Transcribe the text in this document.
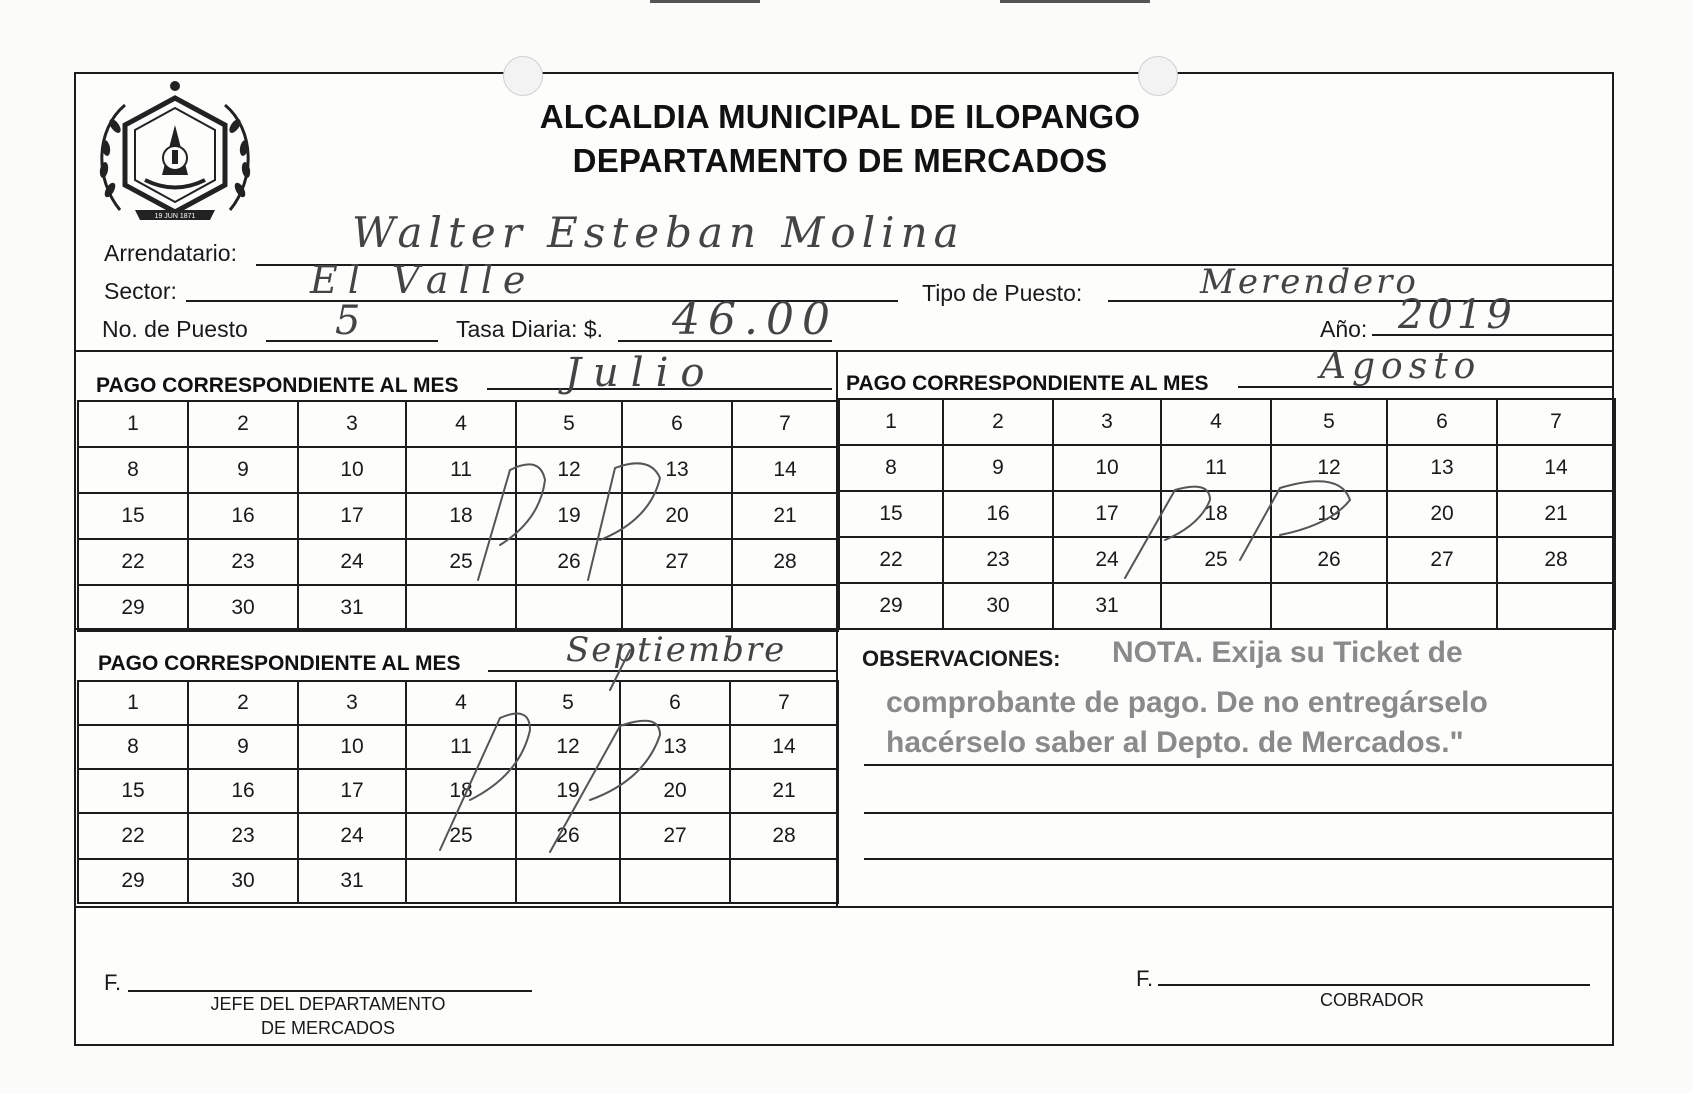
19 JUN 1871
ALCALDIA MUNICIPAL DE ILOPANGO
DEPARTAMENTO DE MERCADOS
Arrendatario:	Walter Esteban Molina
Sector:	El Valle	Tipo de Puesto:	Merendero
No. de Puesto 5	Tasa Diaria: $. 46.00	Año: 2019
PAGO CORRESPONDIENTE AL MES	Julio
1	2	3	4	5	6	7
8	9	10	11	12	13	14
15	16	17	18	19	20	21
22	23	24	25	26	27	28
29	30	31				
PAGO CORRESPONDIENTE AL MES	Agosto
1	2	3	4	5	6	7
8	9	10	11	12	13	14
15	16	17	18	19	20	21
22	23	24	25	26	27	28
29	30	31				
PAGO CORRESPONDIENTE AL MES	Septiembre
1	2	3	4	5	6	7
8	9	10	11	12	13	14
15	16	17	18	19	20	21
22	23	24	25	26	27	28
29	30	31				
OBSERVACIONES: NOTA. Exija su Ticket de
comprobante de pago. De no entregárselo
hacérselo saber al Depto. de Mercados."
F.
JEFE DEL DEPARTAMENTO
DE MERCADOS
F.
COBRADOR
